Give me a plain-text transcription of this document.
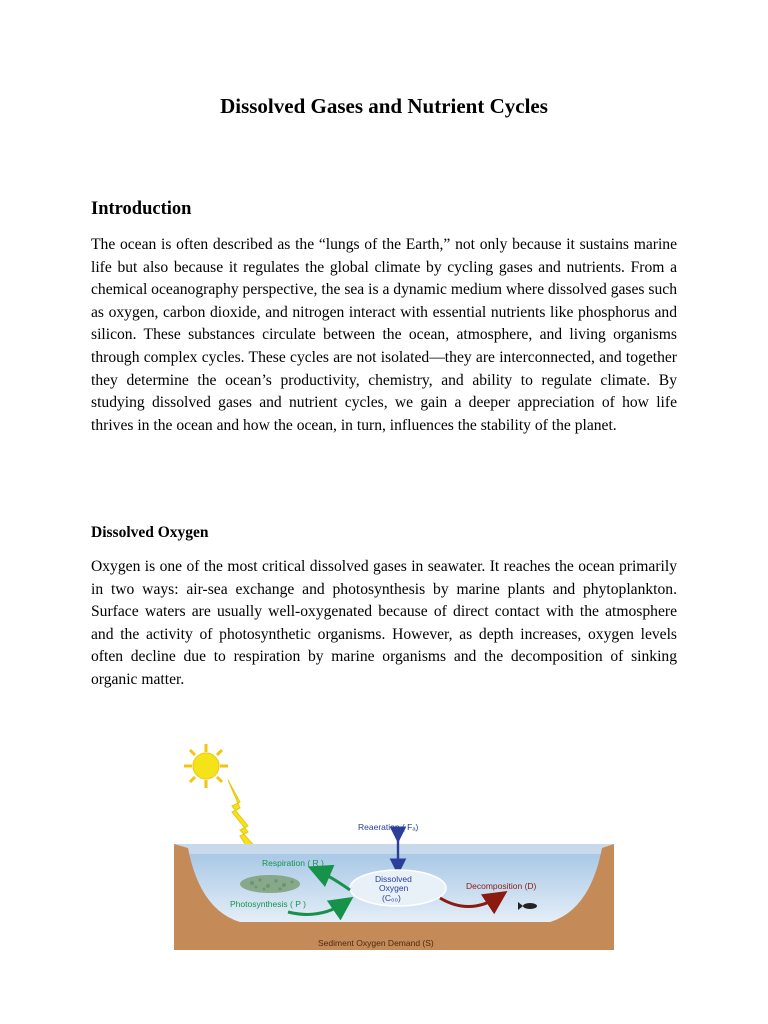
Dissolved Gases and Nutrient Cycles
Introduction

The ocean is often described as the “lungs of the Earth,” not only because it sustains marine life but also because it regulates the global climate by cycling gases and nutrients. From a chemical oceanography perspective, the sea is a dynamic medium where dissolved gases such as oxygen, carbon dioxide, and nitrogen interact with essential nutrients like phosphorus and silicon. These substances circulate between the ocean, atmosphere, and living organisms through complex cycles. These cycles are not isolated—they are interconnected, and together they determine the ocean’s productivity, chemistry, and ability to regulate climate. By studying dissolved gases and nutrient cycles, we gain a deeper appreciation of how life thrives in the ocean and how the ocean, in turn, influences the stability of the planet.

Dissolved Oxygen

Oxygen is one of the most critical dissolved gases in seawater. It reaches the ocean primarily in two ways: air-sea exchange and photosynthesis by marine plants and phytoplankton. Surface waters are usually well-oxygenated because of direct contact with the atmosphere and the activity of photosynthetic organisms. However, as depth increases, oxygen levels often decline due to respiration by marine organisms and the decomposition of sinking organic matter.

Reaeration ( Fₐ)
Respiration ( R )
Dissolved
Oxygen
(C₀₀)
Decomposition (D)
Photosynthesis ( P )
Sediment Oxygen Demand (S)
